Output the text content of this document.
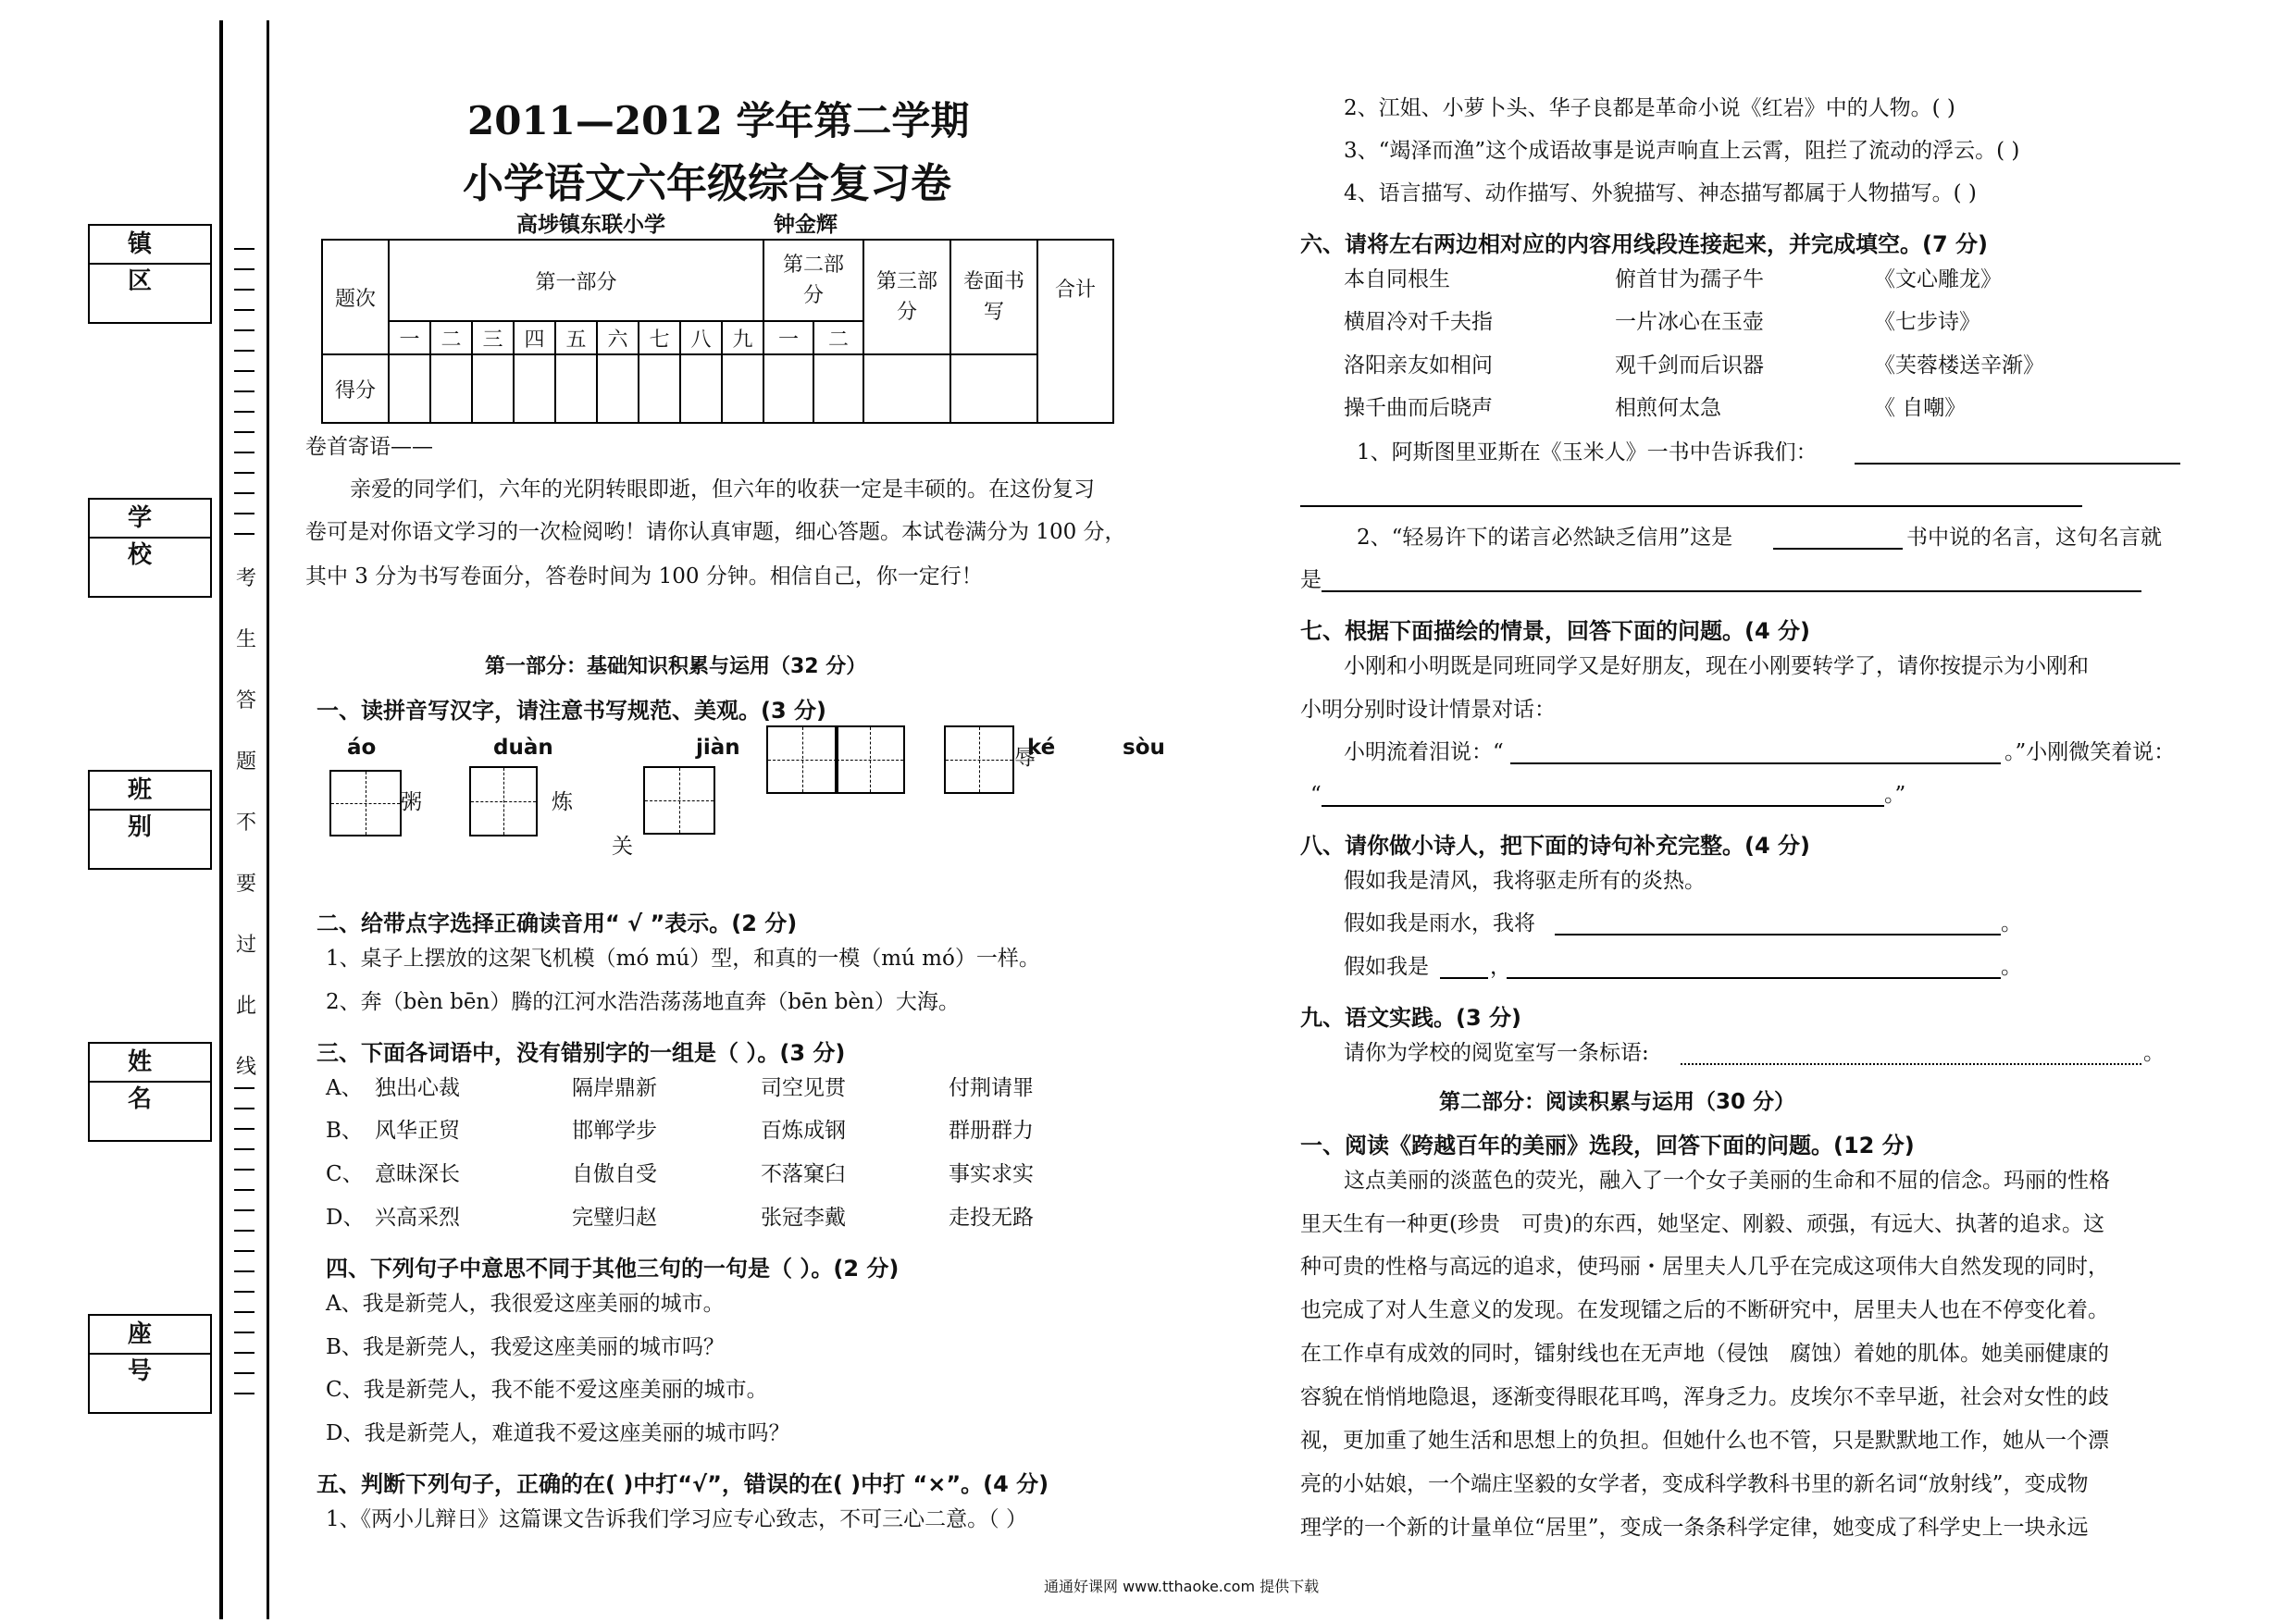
镇　区
学　校
班　别
姓　名
座　号
考
生
答
题
不
要
过
此
线
2011—2012 学年第二学期
小学语文六年级综合复习卷
高埗镇东联小学	钟金辉
题次	第一部分									第二部分		第三部分	卷面书写	合计
	一	二	三	四	五	六	七	八	九	一	二			
得分														
卷首寄语——
亲爱的同学们，六年的光阴转眼即逝，但六年的收获一定是丰硕的。在这份复习
卷可是对你语文学习的一次检阅哟！请你认真审题，细心答题。本试卷满分为 100 分，
其中 3 分为书写卷面分，答卷时间为 100 分钟。相信自己，你一定行！
第一部分：基础知识积累与运用（32 分）
一、读拼音写汉字，请注意书写规范、美观。(3 分)
áo
粥
duàn
炼
jiàn
关
辱
ké	sòu
二、给带点字选择正确读音用“ √ ”表示。(2 分)
1、桌子上摆放的这架飞机模（mó mú）型，和真的一模（mú mó）一样。
2、奔（bèn bēn）腾的江河水浩浩荡荡地直奔（bēn bèn）大海。
三、下面各词语中，没有错别字的一组是（ ）。(3 分)
A、 独出心裁	隔岸鼎新	司空见贯	付荆请罪
B、 风华正贸	邯郸学步	百炼成钢	群册群力
C、 意昧深长	自傲自受	不落窠臼	事实求实
D、 兴高采烈	完璧归赵	张冠李戴	走投无路
四、下列句子中意思不同于其他三句的一句是（ ）。(2 分)
A、我是新莞人，我很爱这座美丽的城市。
B、我是新莞人，我爱这座美丽的城市吗？
C、我是新莞人，我不能不爱这座美丽的城市。
D、我是新莞人，难道我不爱这座美丽的城市吗？
五、判断下列句子，正确的在( )中打“√”，错误的在( )中打 “×”。(4 分)
1、《两小儿辩日》这篇课文告诉我们学习应专心致志，不可三心二意。（ ）
2、江姐、小萝卜头、华子良都是革命小说《红岩》中的人物。( )
3、“竭泽而渔”这个成语故事是说声响直上云霄，阻拦了流动的浮云。( )
4、语言描写、动作描写、外貌描写、神态描写都属于人物描写。( )
六、请将左右两边相对应的内容用线段连接起来，并完成填空。(7 分)
本自同根生	俯首甘为孺子牛	《文心雕龙》
横眉冷对千夫指	一片冰心在玉壶	《七步诗》
洛阳亲友如相问	观千剑而后识器	《芙蓉楼送辛渐》
操千曲而后晓声	相煎何太急	《 自嘲》
1、阿斯图里亚斯在《玉米人》一书中告诉我们：
2、“轻易许下的诺言必然缺乏信用”这是	书中说的名言，这句名言就
是
七、根据下面描绘的情景，回答下面的问题。(4 分)
小刚和小明既是同班同学又是好朋友，现在小刚要转学了，请你按提示为小刚和
小明分别时设计情景对话：
小明流着泪说：“	。”小刚微笑着说：
“	。”
八、请你做小诗人，把下面的诗句补充完整。(4 分)
假如我是清风，我将驱走所有的炎热。
假如我是雨水，我将	。
假如我是	，	。
九、语文实践。(3 分)
请你为学校的阅览室写一条标语:	。
第二部分：阅读积累与运用（30 分）
一、阅读《跨越百年的美丽》选段，回答下面的问题。(12 分)
这点美丽的淡蓝色的荧光，融入了一个女子美丽的生命和不屈的信念。玛丽的性格
里天生有一种更(珍贵　可贵)的东西，她坚定、刚毅、顽强，有远大、执著的追求。这
种可贵的性格与高远的追求，使玛丽・居里夫人几乎在完成这项伟大自然发现的同时，
也完成了对人生意义的发现。在发现镭之后的不断研究中，居里夫人也在不停变化着。
在工作卓有成效的同时，镭射线也在无声地（侵蚀　腐蚀）着她的肌体。她美丽健康的
容貌在悄悄地隐退，逐渐变得眼花耳鸣，浑身乏力。皮埃尔不幸早逝，社会对女性的歧
视，更加重了她生活和思想上的负担。但她什么也不管，只是默默地工作，她从一个漂
亮的小姑娘，一个端庄坚毅的女学者，变成科学教科书里的新名词“放射线”，变成物
理学的一个新的计量单位“居里”，变成一条条科学定律，她变成了科学史上一块永远
通通好课网 www.tthaoke.com 提供下载
